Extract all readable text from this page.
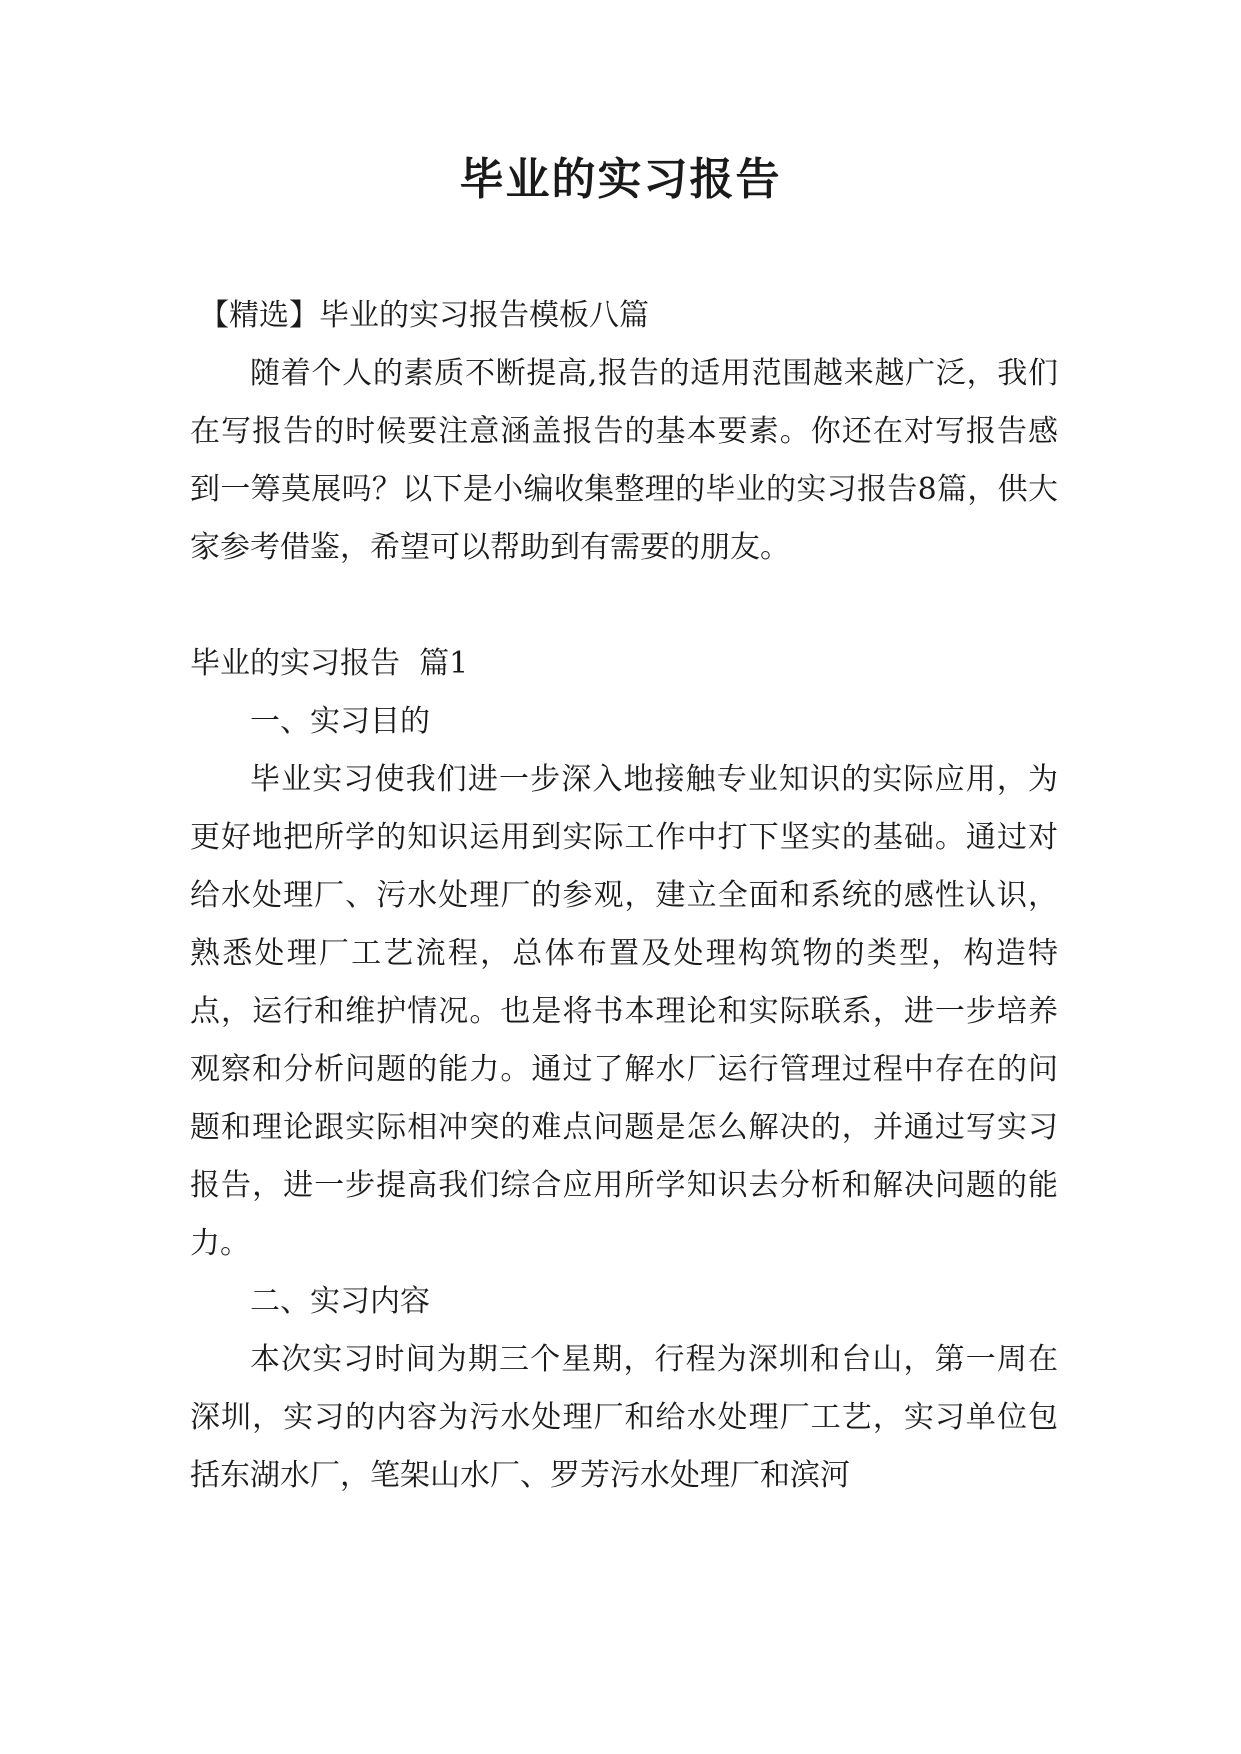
毕业的实习报告

【精选】毕业的实习报告模板八篇

随着个人的素质不断提高,报告的适用范围越来越广泛，我们在写报告的时候要注意涵盖报告的基本要素。你还在对写报告感到一筹莫展吗？以下是小编收集整理的毕业的实习报告8篇，供大家参考借鉴，希望可以帮助到有需要的朋友。

毕业的实习报告  篇1

一、实习目的

毕业实习使我们进一步深入地接触专业知识的实际应用，为更好地把所学的知识运用到实际工作中打下坚实的基础。通过对给水处理厂、污水处理厂的参观，建立全面和系统的感性认识，熟悉处理厂工艺流程，总体布置及处理构筑物的类型，构造特点，运行和维护情况。也是将书本理论和实际联系，进一步培养观察和分析问题的能力。通过了解水厂运行管理过程中存在的问题和理论跟实际相冲突的难点问题是怎么解决的，并通过写实习报告，进一步提高我们综合应用所学知识去分析和解决问题的能力。

二、实习内容

本次实习时间为期三个星期，行程为深圳和台山，第一周在深圳，实习的内容为污水处理厂和给水处理厂工艺，实习单位包括东湖水厂，笔架山水厂、罗芳污水处理厂和滨河
